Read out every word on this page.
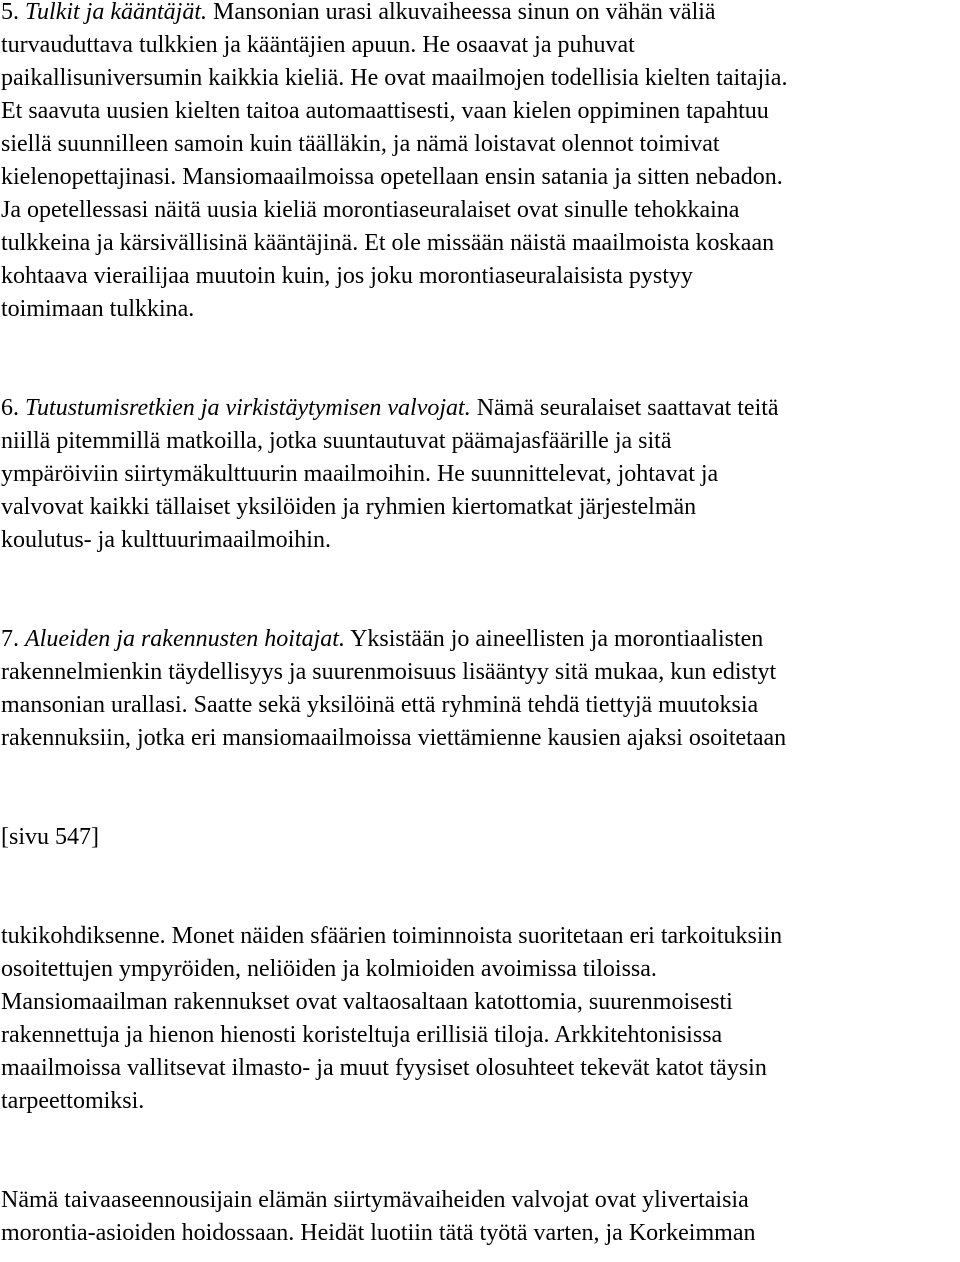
5. Tulkit ja kääntäjät. Mansonian urasi alkuvaiheessa sinun on vähän väliä
turvauduttava tulkkien ja kääntäjien apuun. He osaavat ja puhuvat
paikallisuniversumin kaikkia kieliä. He ovat maailmojen todellisia kielten taitajia.

Et saavuta uusien kielten taitoa automaattisesti, vaan kielen oppiminen tapahtuu
siellä suunnilleen samoin kuin täälläkin, ja nämä loistavat olennot toimivat
kielenopettajinasi. Mansiomaailmoissa opetellaan ensin satania ja sitten nebadon.
Ja opetellessasi näitä uusia kieliä morontiaseuralaiset ovat sinulle tehokkaina
tulkkeina ja kärsivällisinä kääntäjinä. Et ole missään näistä maailmoista koskaan
kohtaava vierailijaa muutoin kuin, jos joku morontiaseuralaisista pystyy
toimimaan tulkkina.

6. Tutustumisretkien ja virkistäytymisen valvojat. Nämä seuralaiset saattavat teitä
niillä pitemmillä matkoilla, jotka suuntautuvat päämajasfäärille ja sitä
ympäröiviin siirtymäkulttuurin maailmoihin. He suunnittelevat, johtavat ja
valvovat kaikki tällaiset yksilöiden ja ryhmien kiertomatkat järjestelmän
koulutus- ja kulttuurimaailmoihin.

7. Alueiden ja rakennusten hoitajat. Yksistään jo aineellisten ja morontiaalisten
rakennelmienkin täydellisyys ja suurenmoisuus lisääntyy sitä mukaa, kun edistyt
mansonian urallasi. Saatte sekä yksilöinä että ryhminä tehdä tiettyjä muutoksia
rakennuksiin, jotka eri mansiomaailmoissa viettämienne kausien ajaksi osoitetaan

[sivu 547]

tukikohdiksenne. Monet näiden sfäärien toiminnoista suoritetaan eri tarkoituksiin
osoitettujen ympyröiden, neliöiden ja kolmioiden avoimissa tiloissa.
Mansiomaailman rakennukset ovat valtaosaltaan katottomia, suurenmoisesti
rakennettuja ja hienon hienosti koristeltuja erillisiä tiloja. Arkkitehtonisissa
maailmoissa vallitsevat ilmasto- ja muut fyysiset olosuhteet tekevät katot täysin
tarpeettomiksi.

Nämä taivaaseennousijain elämän siirtymävaiheiden valvojat ovat ylivertaisia
morontia-asioiden hoidossaan. Heidät luotiin tätä työtä varten, ja Korkeimman
